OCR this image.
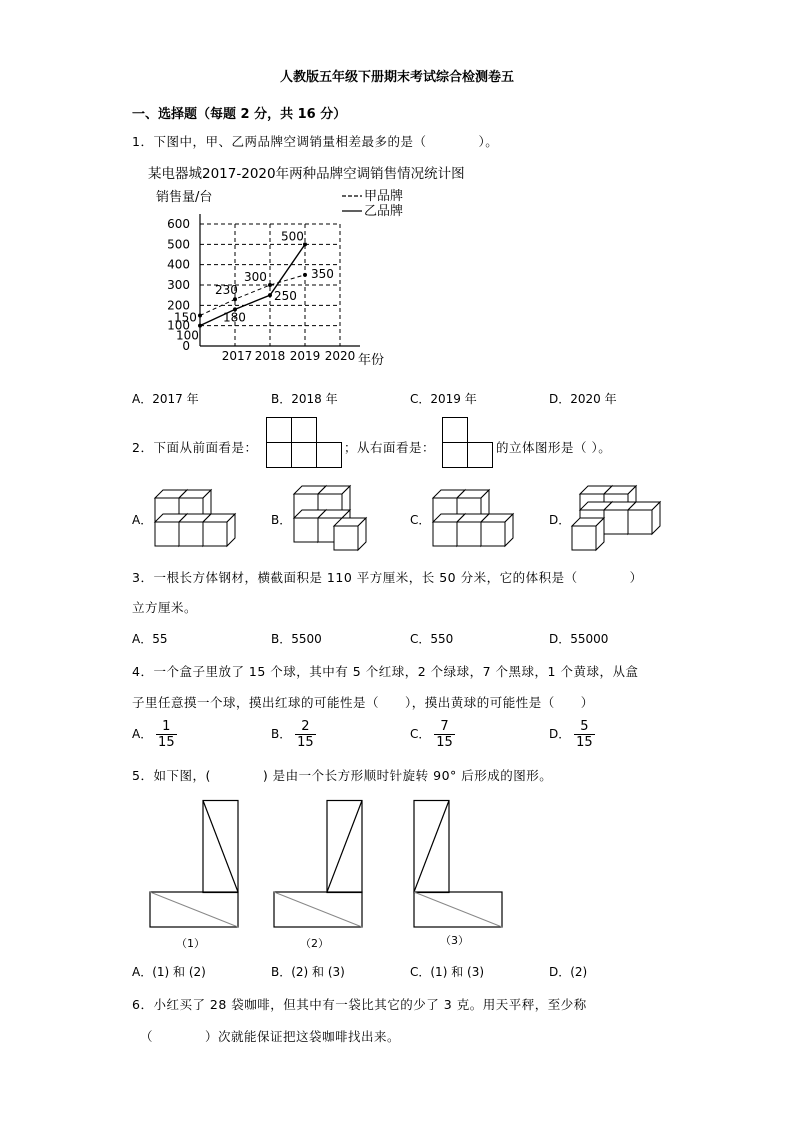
人教版五年级下册期末考试综合检测卷五
一、选择题（每题 2 分，共 16 分）
1．下图中，甲、乙两品牌空调销量相差最多的是（　　　　）。
某电器城2017-2020年两种品牌空调销售情况统计图
销售量/台
0
100
200
300
400
500
600
2017 2018 2019 2020 年份
150
230
300	350
100
180
250
500
甲品牌
乙品牌
A．2017 年	B．2018 年	C．2019 年	D．2020 年
2．下面从前面看是：	；从右面看是：	的立体图形是（ ）。
A．	B．	C．	D．
3．一根长方体钢材，横截面积是 110 平方厘米，长 50 分米，它的体积是（　　　　）
立方厘米。
A．55	B．5500	C．550	D．55000
4．一个盒子里放了 15 个球，其中有 5 个红球，2 个绿球，7 个黑球，1 个黄球，从盒
子里任意摸一个球，摸出红球的可能性是（　　），摸出黄球的可能性是（　　）
A． $\frac{1}{15}$	B． $\frac{2}{15}$	C． $\frac{7}{15}$	D． $\frac{5}{15}$
5．如下图，(　　　　) 是由一个长方形顺时针旋转 90° 后形成的图形。
（1）	（2）	（3）
A．(1) 和 (2)	B．(2) 和 (3)	C．(1) 和 (3)	D．(2)
6．小红买了 28 袋咖啡，但其中有一袋比其它的少了 3 克。用天平秤，至少称
（　　　　）次就能保证把这袋咖啡找出来。
